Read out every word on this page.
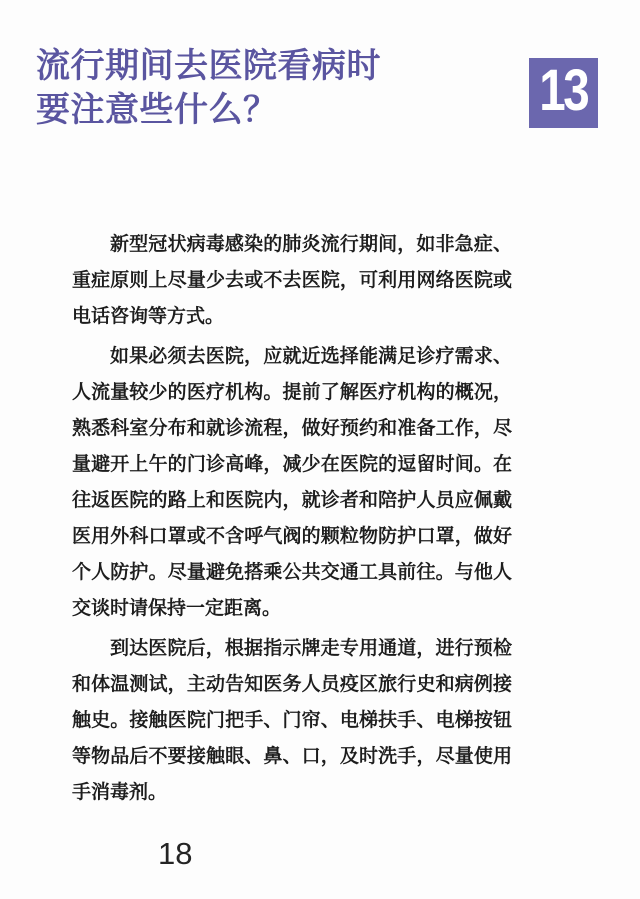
流行期间去医院看病时
要注意些什么？	13

新型冠状病毒感染的肺炎流行期间，如非急症、重症原则上尽量少去或不去医院，可利用网络医院或电话咨询等方式。

如果必须去医院，应就近选择能满足诊疗需求、人流量较少的医疗机构。提前了解医疗机构的概况，熟悉科室分布和就诊流程，做好预约和准备工作，尽量避开上午的门诊高峰，减少在医院的逗留时间。在往返医院的路上和医院内，就诊者和陪护人员应佩戴医用外科口罩或不含呼气阀的颗粒物防护口罩，做好个人防护。尽量避免搭乘公共交通工具前往。与他人交谈时请保持一定距离。

到达医院后，根据指示牌走专用通道，进行预检和体温测试，主动告知医务人员疫区旅行史和病例接触史。接触医院门把手、门帘、电梯扶手、电梯按钮等物品后不要接触眼、鼻、口，及时洗手，尽量使用手消毒剂。

18
